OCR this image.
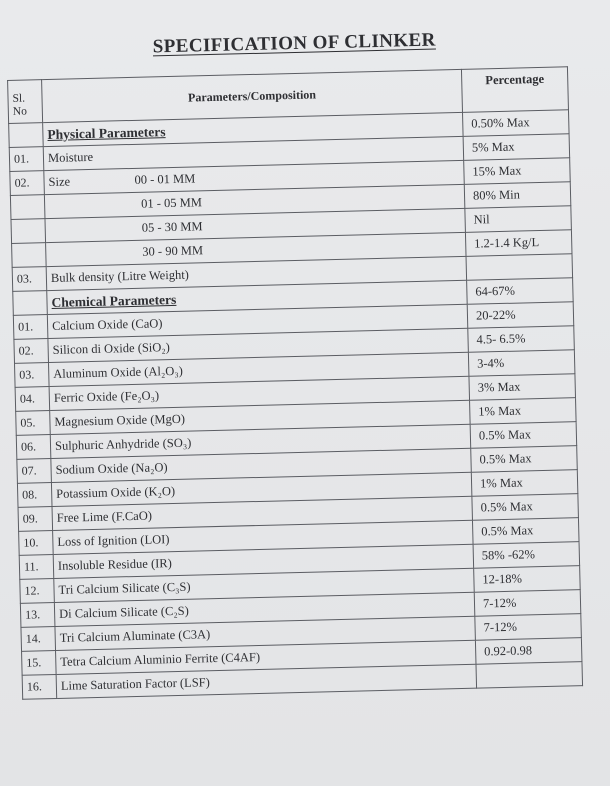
SPECIFICATION OF CLINKER
Sl.
No	Parameters/Composition	Percentage
	Physical Parameters	0.50% Max
01.	Moisture	5% Max
02.	Size 00 - 01 MM	15% Max
	01 - 05 MM	80% Min
	05 - 30 MM	Nil
	30 - 90 MM	1.2-1.4 Kg/L
03.	Bulk density (Litre Weight)	
	Chemical Parameters	64-67%
01.	Calcium Oxide (CaO)	20-22%
02.	Silicon di Oxide (SiO₂)	4.5- 6.5%
03.	Aluminum Oxide (Al₂O₃)	3-4%
04.	Ferric Oxide (Fe₂O₃)	3% Max
05.	Magnesium Oxide (MgO)	1% Max
06.	Sulphuric Anhydride (SO₃)	0.5% Max
07.	Sodium Oxide (Na₂O)	0.5% Max
08.	Potassium Oxide (K₂O)	1% Max
09.	Free Lime (F.CaO)	0.5% Max
10.	Loss of Ignition (LOI)	0.5% Max
11.	Insoluble Residue (IR)	58% -62%
12.	Tri Calcium Silicate (C₃S)	12-18%
13.	Di Calcium Silicate (C₂S)	7-12%
14.	Tri Calcium Aluminate (C3A)	7-12%
15.	Tetra Calcium Aluminio Ferrite (C4AF)	0.92-0.98
16.	Lime Saturation Factor (LSF)	
